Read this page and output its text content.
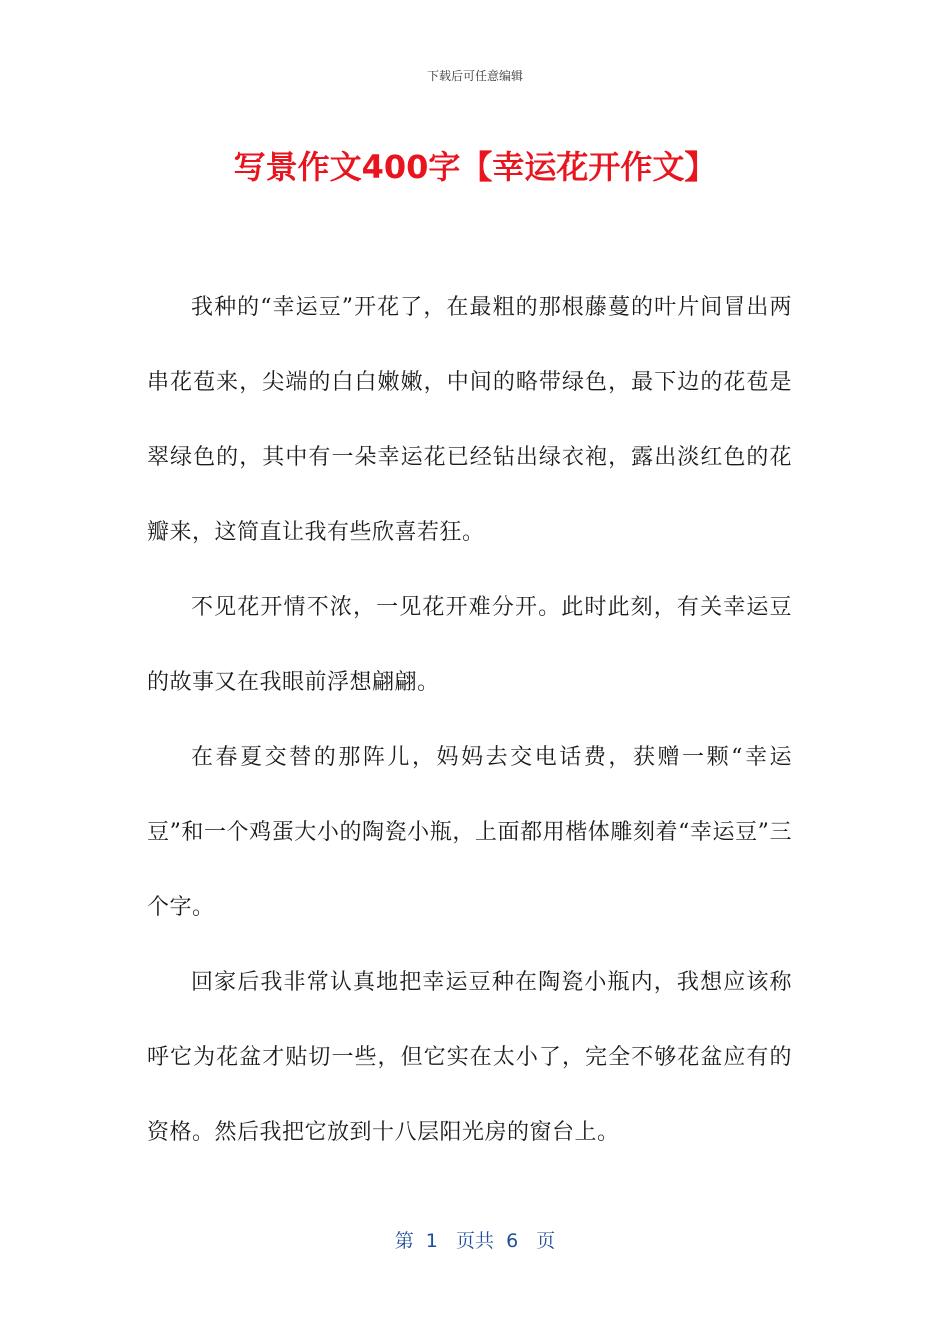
下载后可任意编辑
写景作文400字【幸运花开作文】

我种的“幸运豆”开花了，在最粗的那根藤蔓的叶片间冒出两串花苞来，尖端的白白嫩嫩，中间的略带绿色，最下边的花苞是翠绿色的，其中有一朵幸运花已经钻出绿衣袍，露出淡红色的花瓣来，这简直让我有些欣喜若狂。

不见花开情不浓，一见花开难分开。此时此刻，有关幸运豆的故事又在我眼前浮想翩翩。

在春夏交替的那阵儿，妈妈去交电话费，获赠一颗“幸运豆”和一个鸡蛋大小的陶瓷小瓶，上面都用楷体雕刻着“幸运豆”三个字。

回家后我非常认真地把幸运豆种在陶瓷小瓶内，我想应该称呼它为花盆才贴切一些，但它实在太小了，完全不够花盆应有的资格。然后我把它放到十八层阳光房的窗台上。

第  1   页共  6   页
